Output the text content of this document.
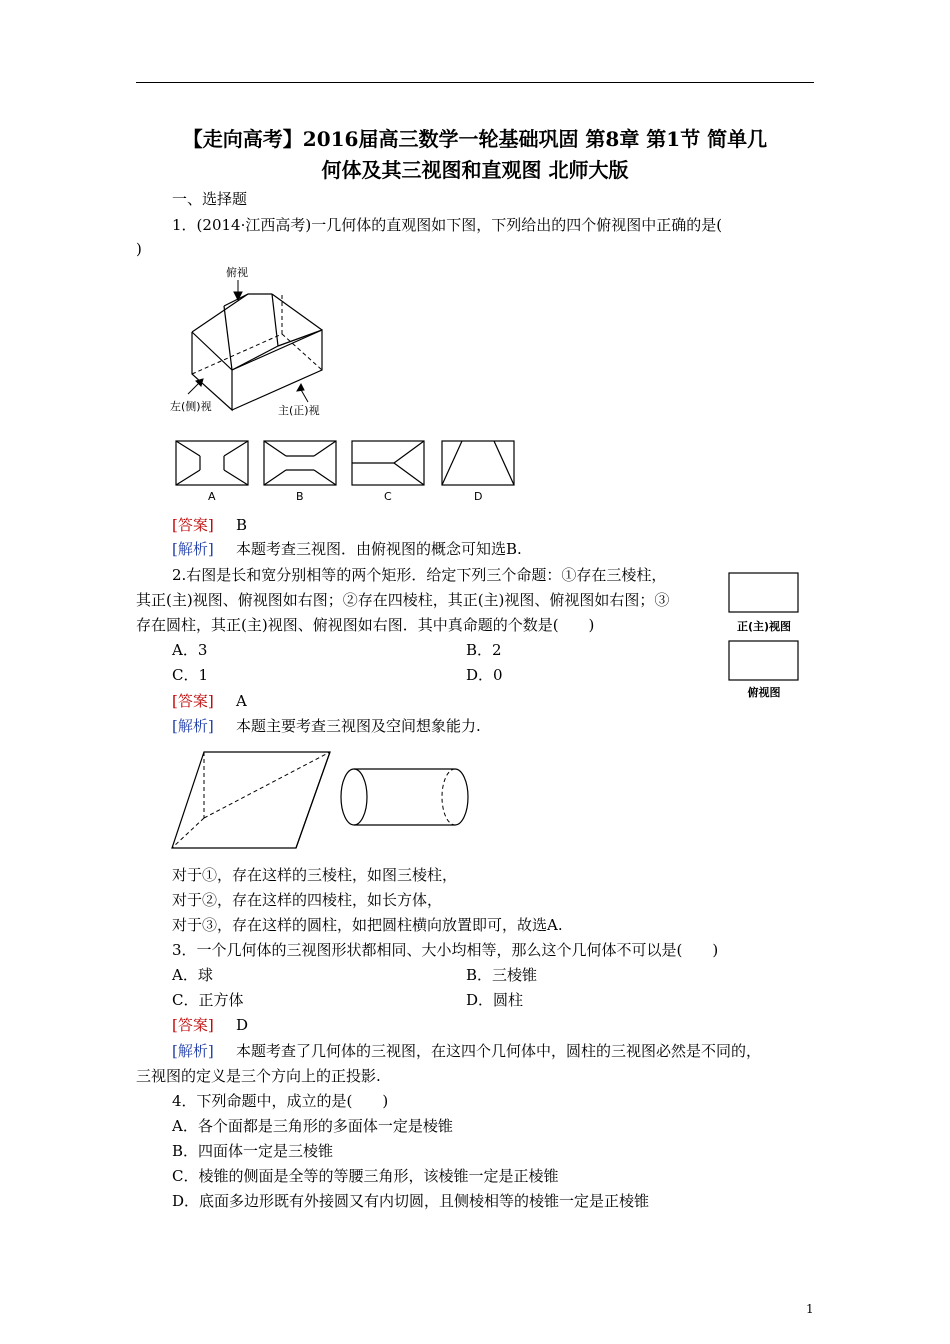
【走向高考】2016届高三数学一轮基础巩固 第8章 第1节 简单几
何体及其三视图和直观图 北师大版
一、选择题
1．(2014·江西高考)一几何体的直观图如下图，下列给出的四个俯视图中正确的是(
)
俯视
左(侧)视	主(正)视
A	B	C	D
[答案] B
[解析] 本题考查三视图．由俯视图的概念可知选B.
2.右图是长和宽分别相等的两个矩形．给定下列三个命题：①存在三棱柱，
其正(主)视图、俯视图如右图；②存在四棱柱，其正(主)视图、俯视图如右图；③
存在圆柱，其正(主)视图、俯视图如右图．其中真命题的个数是(　　)	正(主)视图
俯视图
A．3	B．2
C．1	D．0
[答案] A
[解析] 本题主要考查三视图及空间想象能力.
对于①，存在这样的三棱柱，如图三棱柱，
对于②，存在这样的四棱柱，如长方体，
对于③，存在这样的圆柱，如把圆柱横向放置即可，故选A.
3．一个几何体的三视图形状都相同、大小均相等，那么这个几何体不可以是(　　)
A．球	B．三棱锥
C．正方体	D．圆柱
[答案] D
[解析] 本题考查了几何体的三视图，在这四个几何体中，圆柱的三视图必然是不同的，
三视图的定义是三个方向上的正投影.
4．下列命题中，成立的是(　　)
A．各个面都是三角形的多面体一定是棱锥
B．四面体一定是三棱锥
C．棱锥的侧面是全等的等腰三角形，该棱锥一定是正棱锥
D．底面多边形既有外接圆又有内切圆，且侧棱相等的棱锥一定是正棱锥
1
